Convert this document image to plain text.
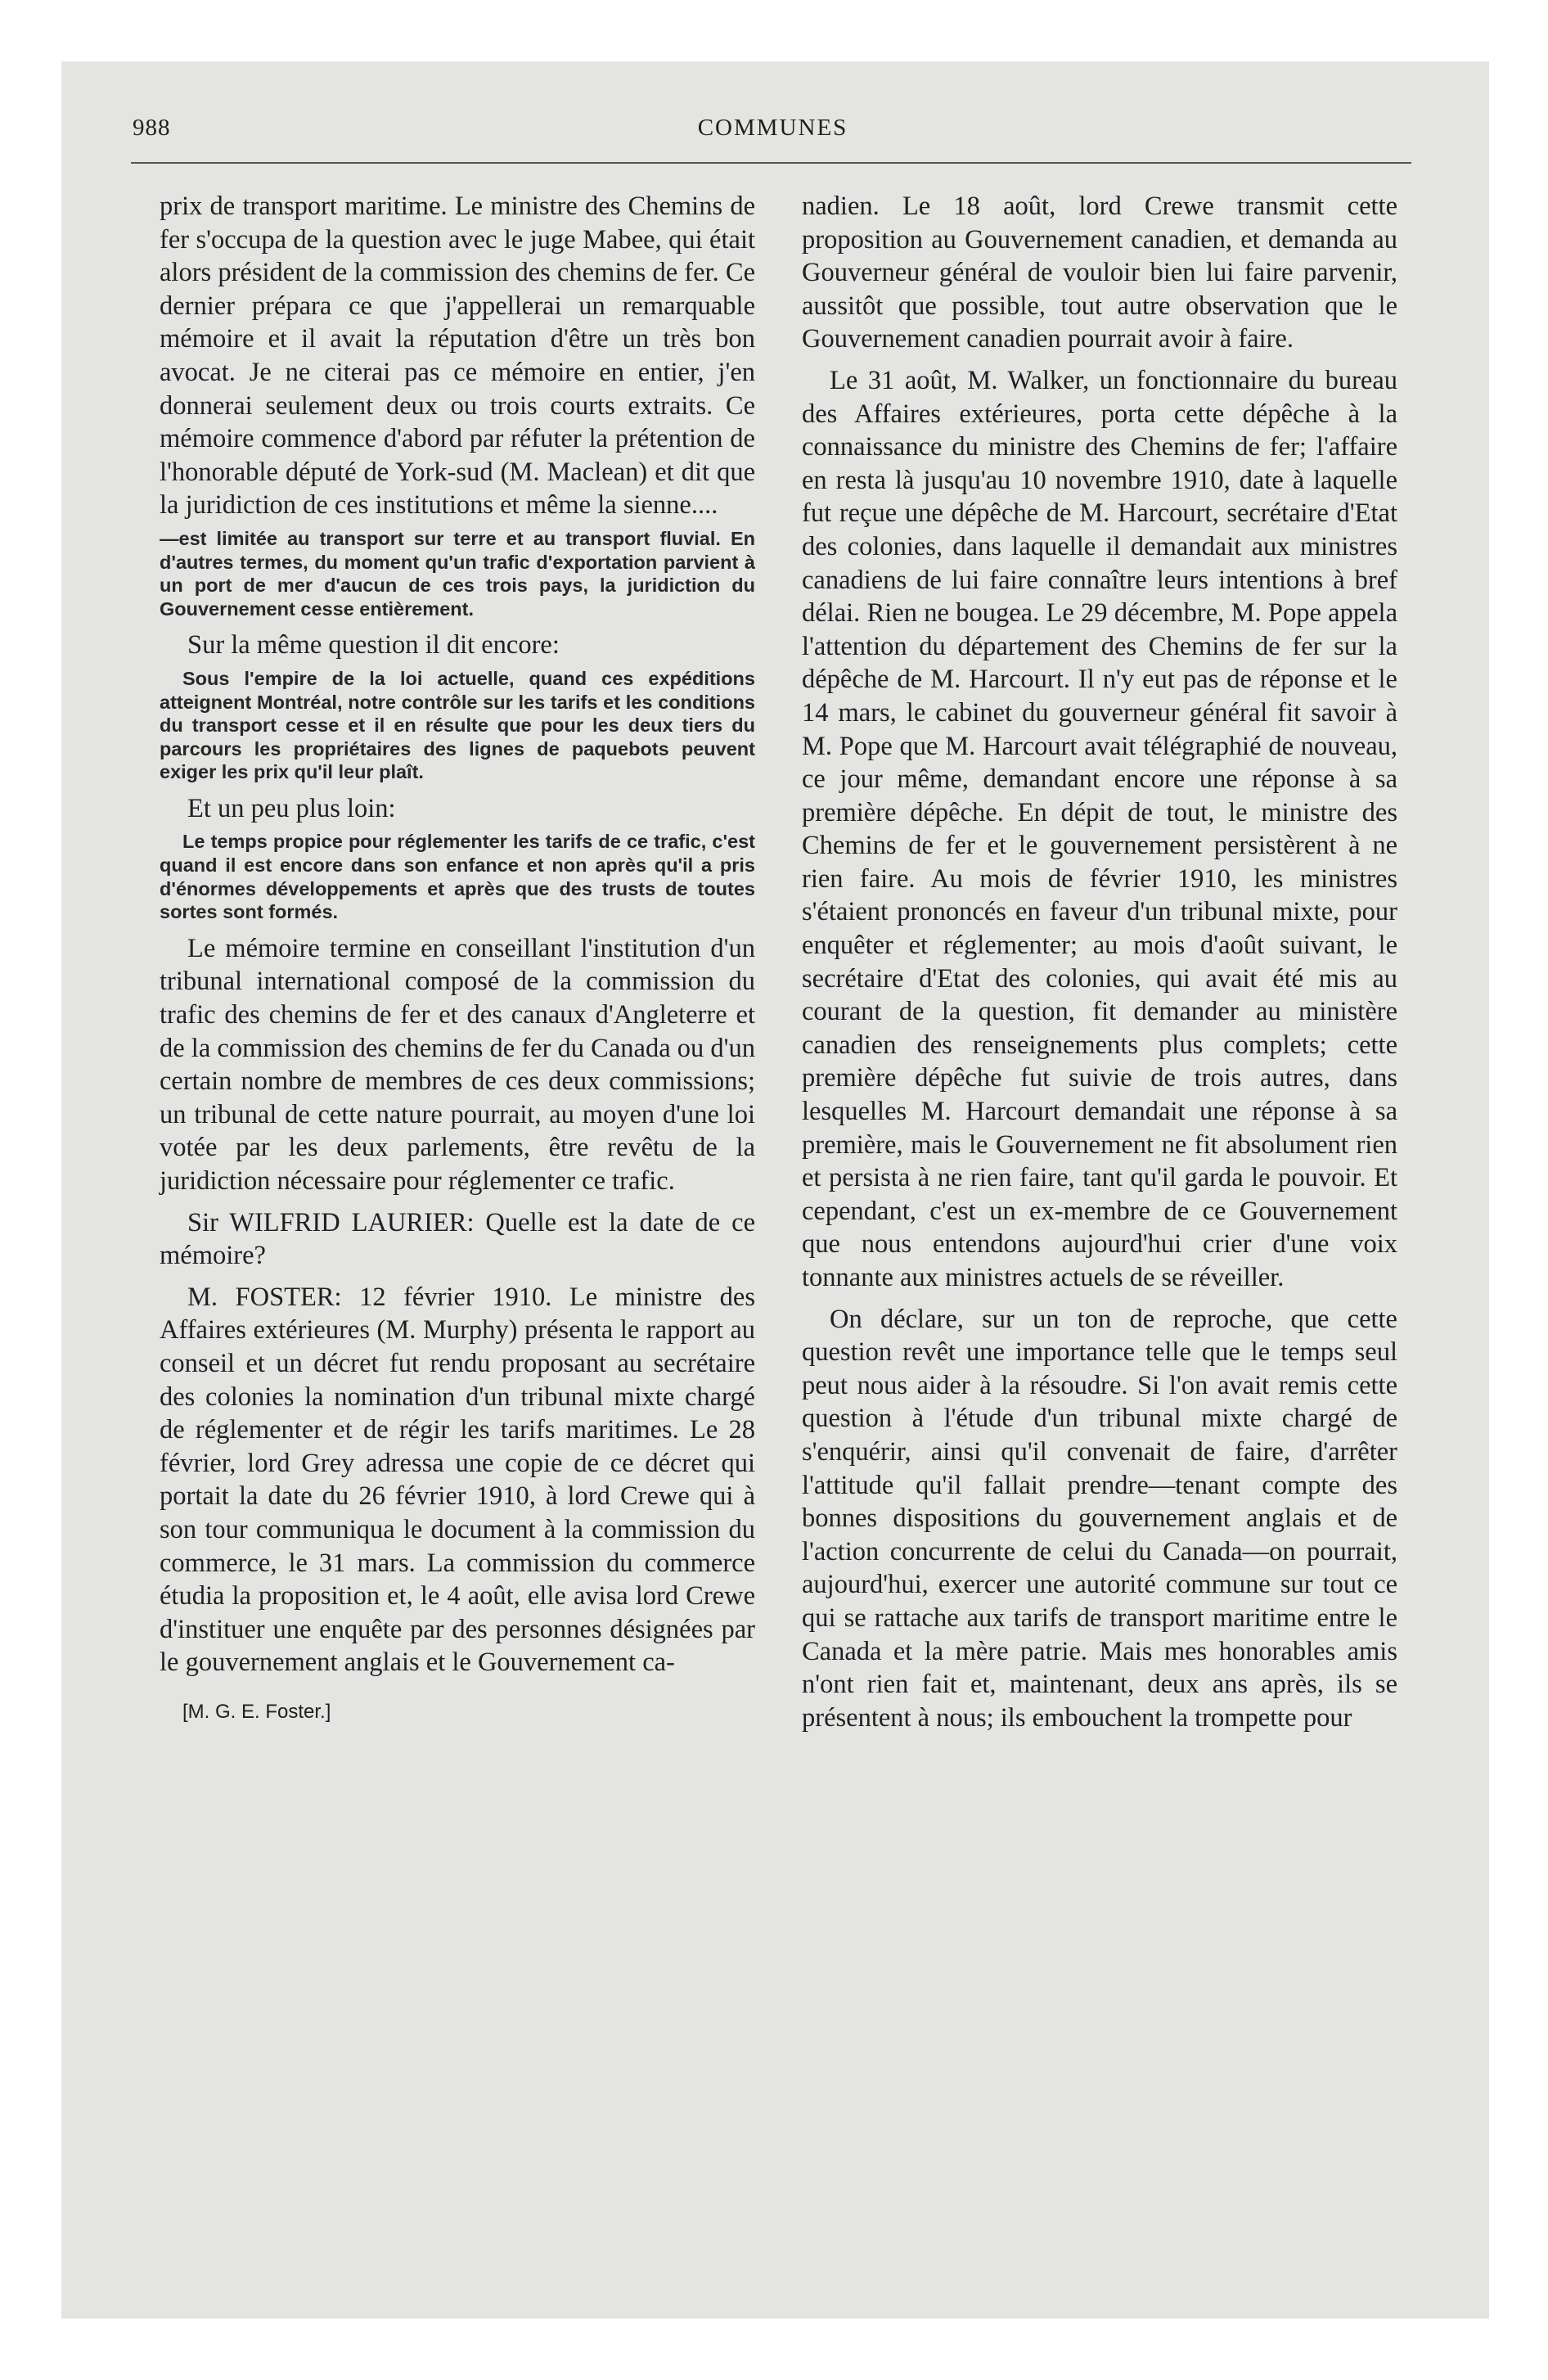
988	COMMUNES

prix de transport maritime. Le ministre des Chemins de fer s'occupa de la question avec le juge Mabee, qui était alors président de la commission des chemins de fer. Ce dernier prépara ce que j'appellerai un remarquable mémoire et il avait la réputation d'être un très bon avocat. Je ne citerai pas ce mémoire en entier, j'en donnerai seulement deux ou trois courts extraits. Ce mémoire commence d'abord par réfuter la prétention de l'honorable député de York-sud (M. Maclean) et dit que la juridiction de ces institutions et même la sienne....

—est limitée au transport sur terre et au transport fluvial. En d'autres termes, du moment qu'un trafic d'exportation parvient à un port de mer d'aucun de ces trois pays, la juridiction du Gouvernement cesse entièrement.

Sur la même question il dit encore:

Sous l'empire de la loi actuelle, quand ces expéditions atteignent Montréal, notre contrôle sur les tarifs et les conditions du transport cesse et il en résulte que pour les deux tiers du parcours les propriétaires des lignes de paquebots peuvent exiger les prix qu'il leur plaît.

Et un peu plus loin:

Le temps propice pour réglementer les tarifs de ce trafic, c'est quand il est encore dans son enfance et non après qu'il a pris d'énormes développements et après que des trusts de toutes sortes sont formés.

Le mémoire termine en conseillant l'institution d'un tribunal international composé de la commission du trafic des chemins de fer et des canaux d'Angleterre et de la commission des chemins de fer du Canada ou d'un certain nombre de membres de ces deux commissions; un tribunal de cette nature pourrait, au moyen d'une loi votée par les deux parlements, être revêtu de la juridiction nécessaire pour réglementer ce trafic.

Sir WILFRID LAURIER: Quelle est la date de ce mémoire?

M. FOSTER: 12 février 1910. Le ministre des Affaires extérieures (M. Murphy) présenta le rapport au conseil et un décret fut rendu proposant au secrétaire des colonies la nomination d'un tribunal mixte chargé de réglementer et de régir les tarifs maritimes. Le 28 février, lord Grey adressa une copie de ce décret qui portait la date du 26 février 1910, à lord Crewe qui à son tour communiqua le document à la commission du commerce, le 31 mars. La commission du commerce étudia la proposition et, le 4 août, elle avisa lord Crewe d'instituer une enquête par des personnes désignées par le gouvernement anglais et le Gouvernement ca-

[M. G. E. Foster.]

nadien. Le 18 août, lord Crewe transmit cette proposition au Gouvernement canadien, et demanda au Gouverneur général de vouloir bien lui faire parvenir, aussitôt que possible, tout autre observation que le Gouvernement canadien pourrait avoir à faire.

Le 31 août, M. Walker, un fonctionnaire du bureau des Affaires extérieures, porta cette dépêche à la connaissance du ministre des Chemins de fer; l'affaire en resta là jusqu'au 10 novembre 1910, date à laquelle fut reçue une dépêche de M. Harcourt, secrétaire d'Etat des colonies, dans laquelle il demandait aux ministres canadiens de lui faire connaître leurs intentions à bref délai. Rien ne bougea. Le 29 décembre, M. Pope appela l'attention du département des Chemins de fer sur la dépêche de M. Harcourt. Il n'y eut pas de réponse et le 14 mars, le cabinet du gouverneur général fit savoir à M. Pope que M. Harcourt avait télégraphié de nouveau, ce jour même, demandant encore une réponse à sa première dépêche. En dépit de tout, le ministre des Chemins de fer et le gouvernement persistèrent à ne rien faire. Au mois de février 1910, les ministres s'étaient prononcés en faveur d'un tribunal mixte, pour enquêter et réglementer; au mois d'août suivant, le secrétaire d'Etat des colonies, qui avait été mis au courant de la question, fit demander au ministère canadien des renseignements plus complets; cette première dépêche fut suivie de trois autres, dans lesquelles M. Harcourt demandait une réponse à sa première, mais le Gouvernement ne fit absolument rien et persista à ne rien faire, tant qu'il garda le pouvoir. Et cependant, c'est un ex-membre de ce Gouvernement que nous entendons aujourd'hui crier d'une voix tonnante aux ministres actuels de se réveiller.

On déclare, sur un ton de reproche, que cette question revêt une importance telle que le temps seul peut nous aider à la résoudre. Si l'on avait remis cette question à l'étude d'un tribunal mixte chargé de s'enquérir, ainsi qu'il convenait de faire, d'arrêter l'attitude qu'il fallait prendre—tenant compte des bonnes dispositions du gouvernement anglais et de l'action concurrente de celui du Canada—on pourrait, aujourd'hui, exercer une autorité commune sur tout ce qui se rattache aux tarifs de transport maritime entre le Canada et la mère patrie. Mais mes honorables amis n'ont rien fait et, maintenant, deux ans après, ils se présentent à nous; ils embouchent la trompette pour
